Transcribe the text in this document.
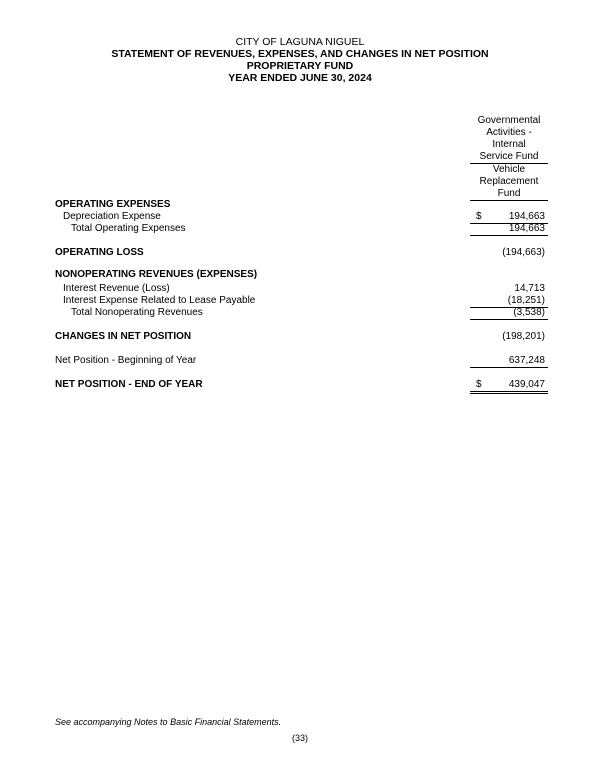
CITY OF LAGUNA NIGUEL
STATEMENT OF REVENUES, EXPENSES, AND CHANGES IN NET POSITION
PROPRIETARY FUND
YEAR ENDED JUNE 30, 2024
Governmental
Activities -
Internal
Service Fund
Vehicle
Replacement
Fund
OPERATING EXPENSES
Depreciation Expense	$	194,663
Total Operating Expenses	194,663
OPERATING LOSS	(194,663)
NONOPERATING REVENUES (EXPENSES)
Interest Revenue (Loss)	14,713
Interest Expense Related to Lease Payable	(18,251)
Total Nonoperating Revenues	(3,538)
CHANGES IN NET POSITION	(198,201)
Net Position - Beginning of Year	637,248
NET POSITION - END OF YEAR	$	439,047
See accompanying Notes to Basic Financial Statements.
(33)
